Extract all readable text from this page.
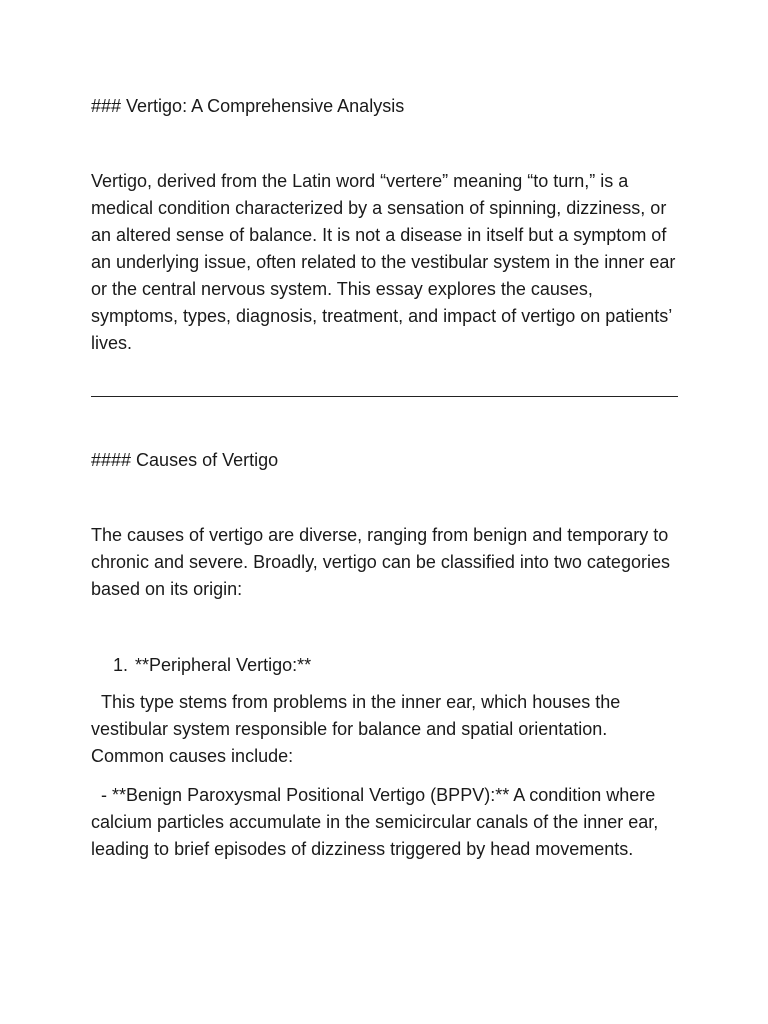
### Vertigo: A Comprehensive Analysis

Vertigo, derived from the Latin word “vertere” meaning “to turn,” is a medical condition characterized by a sensation of spinning, dizziness, or an altered sense of balance. It is not a disease in itself but a symptom of an underlying issue, often related to the vestibular system in the inner ear or the central nervous system. This essay explores the causes, symptoms, types, diagnosis, treatment, and impact of vertigo on patients’ lives.

#### Causes of Vertigo

The causes of vertigo are diverse, ranging from benign and temporary to chronic and severe. Broadly, vertigo can be classified into two categories based on its origin:

1. **Peripheral Vertigo:**

This type stems from problems in the inner ear, which houses the vestibular system responsible for balance and spatial orientation. Common causes include:

- **Benign Paroxysmal Positional Vertigo (BPPV):** A condition where calcium particles accumulate in the semicircular canals of the inner ear, leading to brief episodes of dizziness triggered by head movements.
